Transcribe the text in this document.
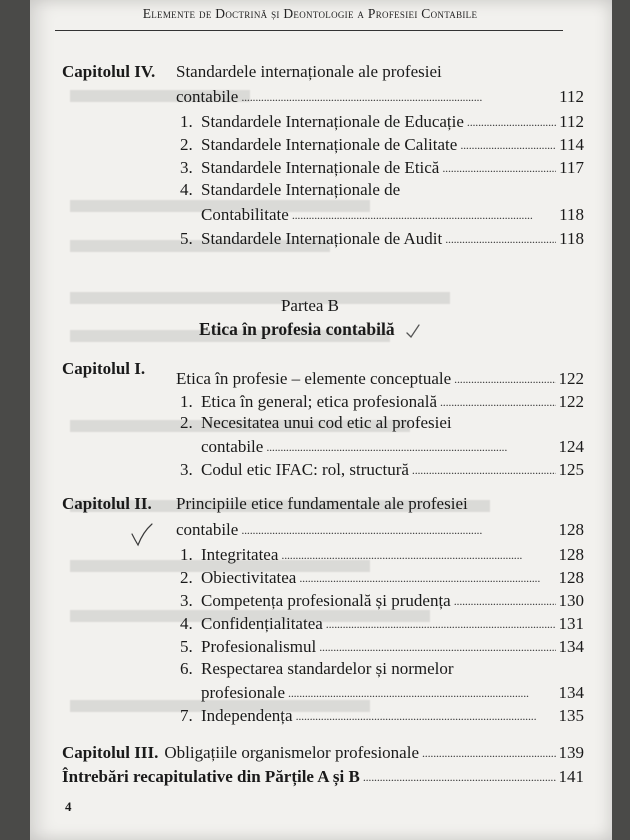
Elemente de Doctrină și Deontologie a Profesiei Contabile
Capitolul IV. Standardele internaționale ale profesiei
contabile . . .	112
1. Standardele Internaționale de Educație . . .	112
2. Standardele Internaționale de Calitate . . .	114
3. Standardele Internaționale de Etică . . .	117
4. Standardele Internaționale de
Contabilitate . . .	118
5. Standardele Internaționale de Audit . . .	118
Partea B
Etica în profesia contabilă
Capitolul I.
Etica în profesie – elemente conceptuale . . .	122
1. Etica în general; etica profesională . . .	122
2. Necesitatea unui cod etic al profesiei
contabile . . .	124
3. Codul etic IFAC: rol, structură . . .	125
Capitolul II. Principiile etice fundamentale ale profesiei
contabile . . .	128
1. Integritatea . . .	128
2. Obiectivitatea . . .	128
3. Competența profesională și prudența . . .	130
4. Confidențialitatea . . .	131
5. Profesionalismul . . .	134
6. Respectarea standardelor și normelor
profesionale . . .	134
7. Independența . . .	135
Capitolul III. Obligațiile organismelor profesionale . . .	139
Întrebări recapitulative din Părțile A și B . . .	141
4
